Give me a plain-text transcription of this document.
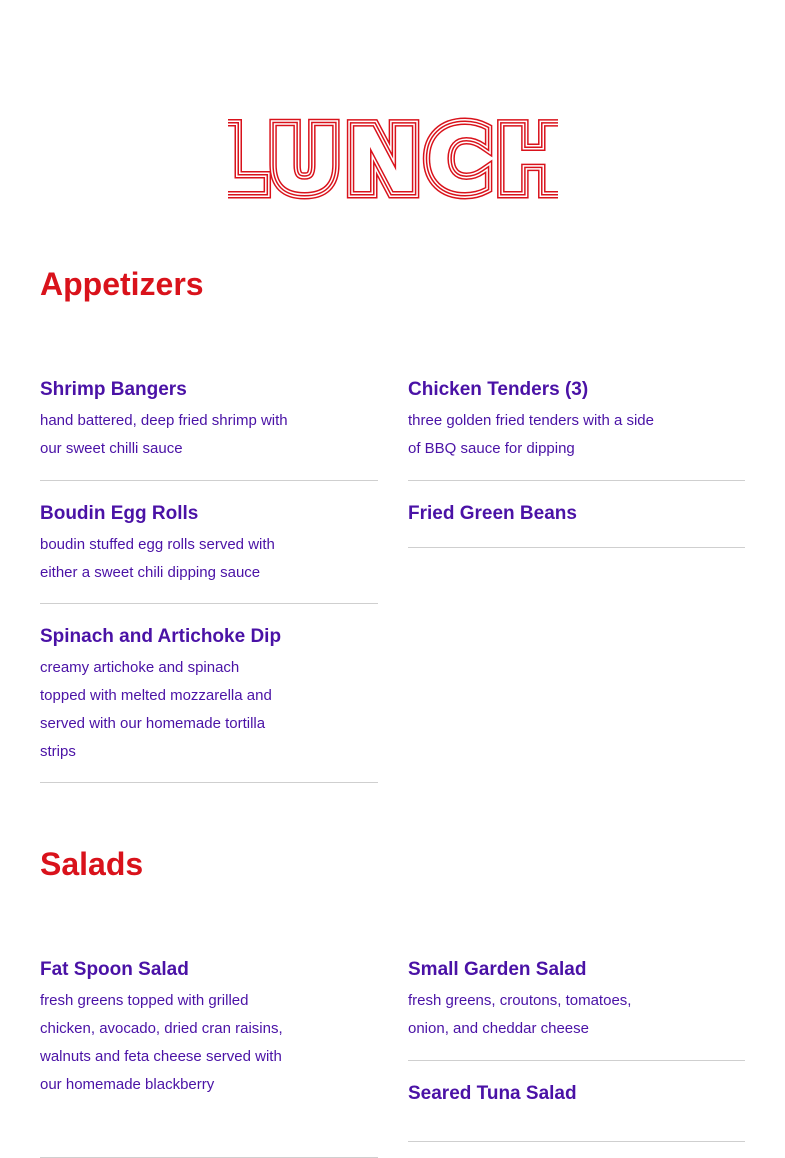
Appetizers
Shrimp Bangers
hand battered, deep fried shrimp with
our sweet chilli sauce
Boudin Egg Rolls
boudin stuffed egg rolls served with
either a sweet chili dipping sauce
Spinach and Artichoke Dip
creamy artichoke and spinach
topped with melted mozzarella and
served with our homemade tortilla
strips
Chicken Tenders (3)
three golden fried tenders with a side
of BBQ sauce for dipping
Fried Green Beans
Salads
Fat Spoon Salad
fresh greens topped with grilled
chicken, avocado, dried cran raisins,
walnuts and feta cheese served with
our homemade blackberry
Small Garden Salad
fresh greens, croutons, tomatoes,
onion, and cheddar cheese
Seared Tuna Salad
